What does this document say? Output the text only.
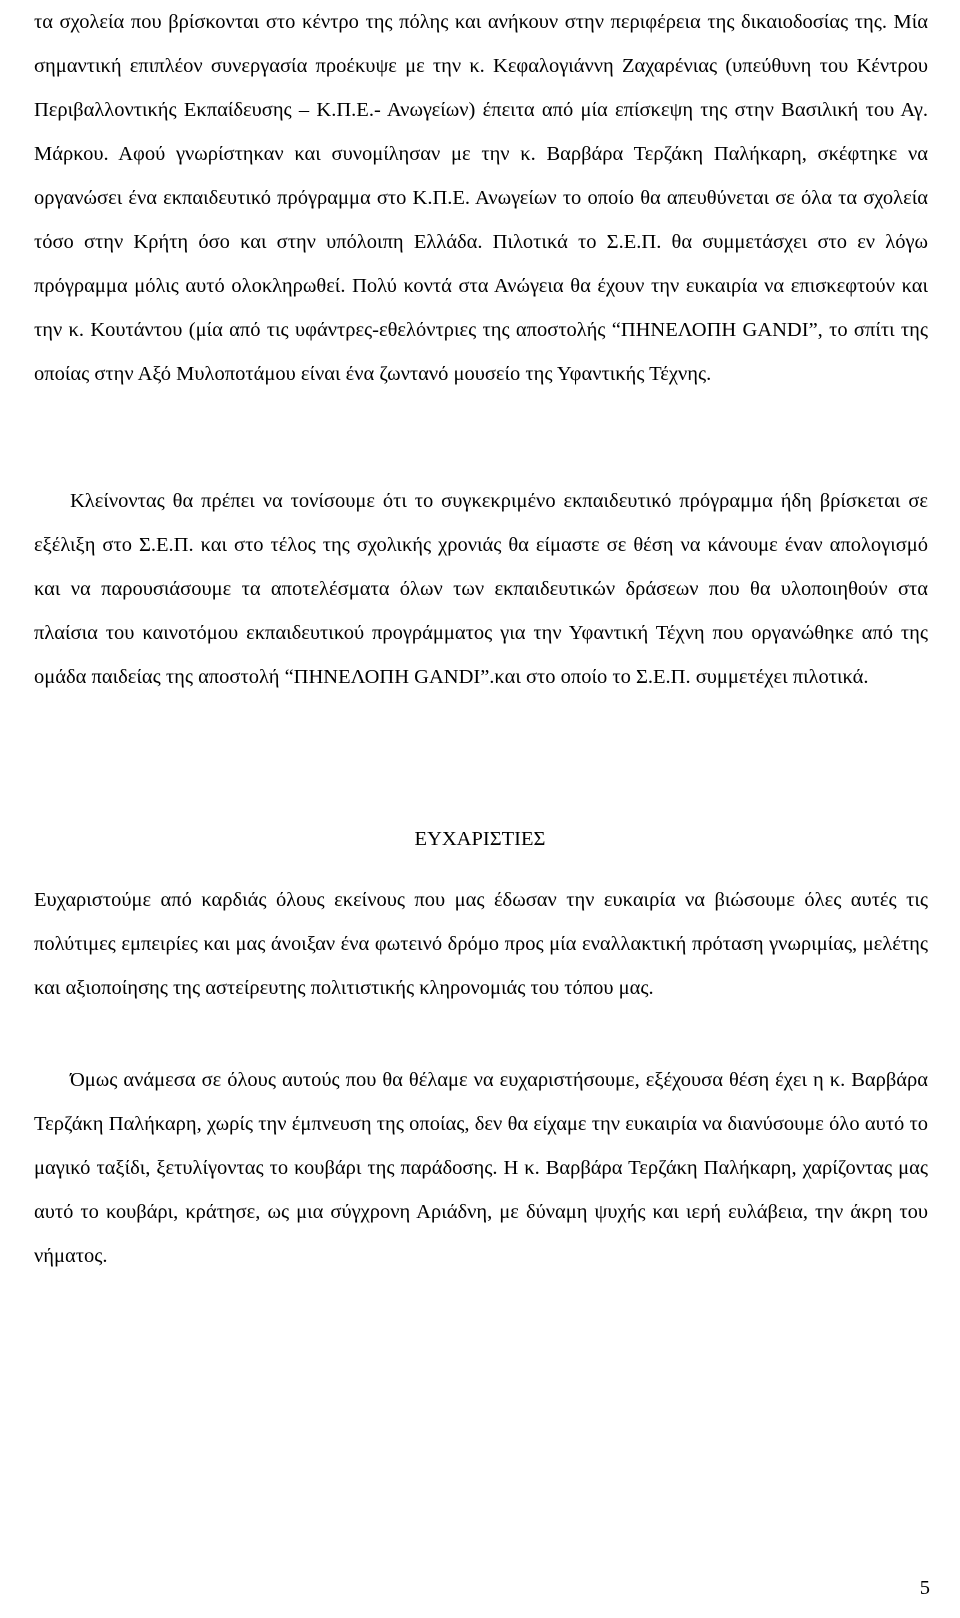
τα σχολεία που βρίσκονται στο κέντρο της πόλης και ανήκουν στην περιφέρεια της δικαιοδοσίας της. Μία σημαντική επιπλέον συνεργασία προέκυψε με την κ. Κεφαλογιάννη Ζαχαρένιας (υπεύθυνη του Κέντρου Περιβαλλοντικής Εκπαίδευσης – Κ.Π.Ε.- Ανωγείων) έπειτα από μία επίσκεψη της στην Βασιλική του Αγ. Μάρκου. Αφού γνωρίστηκαν και συνομίλησαν με την κ. Βαρβάρα Τερζάκη Παλήκαρη, σκέφτηκε να οργανώσει ένα εκπαιδευτικό πρόγραμμα στο Κ.Π.Ε. Ανωγείων το οποίο θα απευθύνεται σε όλα τα σχολεία τόσο στην Κρήτη όσο και στην υπόλοιπη Ελλάδα. Πιλοτικά το Σ.Ε.Π. θα συμμετάσχει στο εν λόγω πρόγραμμα μόλις αυτό ολοκληρωθεί. Πολύ κοντά στα Ανώγεια θα έχουν την ευκαιρία να επισκεφτούν και την κ. Κουτάντου (μία από τις υφάντρες-εθελόντριες της αποστολής “ΠΗΝΕΛΟΠΗ GANDI”, το σπίτι της οποίας στην Αξό Μυλοποτάμου είναι ένα ζωντανό μουσείο της Υφαντικής Τέχνης.

Κλείνοντας θα πρέπει να τονίσουμε ότι το συγκεκριμένο εκπαιδευτικό πρόγραμμα ήδη βρίσκεται σε εξέλιξη στο Σ.Ε.Π. και στο τέλος της σχολικής χρονιάς θα είμαστε σε θέση να κάνουμε έναν απολογισμό και να παρουσιάσουμε τα αποτελέσματα όλων των εκπαιδευτικών δράσεων που θα υλοποιηθούν στα πλαίσια του καινοτόμου εκπαιδευτικού προγράμματος για την Υφαντική Τέχνη που οργανώθηκε από της ομάδα παιδείας της αποστολή “ΠΗΝΕΛΟΠΗ GANDI”.και στο οποίο το Σ.Ε.Π. συμμετέχει πιλοτικά.

ΕΥΧΑΡΙΣΤΙΕΣ

Ευχαριστούμε από καρδιάς όλους εκείνους που μας έδωσαν την ευκαιρία να βιώσουμε όλες αυτές τις πολύτιμες εμπειρίες και μας άνοιξαν ένα φωτεινό δρόμο προς μία εναλλακτική πρόταση γνωριμίας, μελέτης και αξιοποίησης της αστείρευτης πολιτιστικής κληρονομιάς του τόπου μας.

Όμως ανάμεσα σε όλους αυτούς που θα θέλαμε να ευχαριστήσουμε, εξέχουσα θέση έχει η κ. Βαρβάρα Τερζάκη Παλήκαρη, χωρίς την έμπνευση της οποίας, δεν θα είχαμε την ευκαιρία να διανύσουμε όλο αυτό το μαγικό ταξίδι, ξετυλίγοντας το κουβάρι της παράδοσης. Η κ. Βαρβάρα Τερζάκη Παλήκαρη, χαρίζοντας μας αυτό το κουβάρι, κράτησε, ως μια σύγχρονη Αριάδνη, με δύναμη ψυχής και ιερή ευλάβεια, την άκρη του νήματος.

5
